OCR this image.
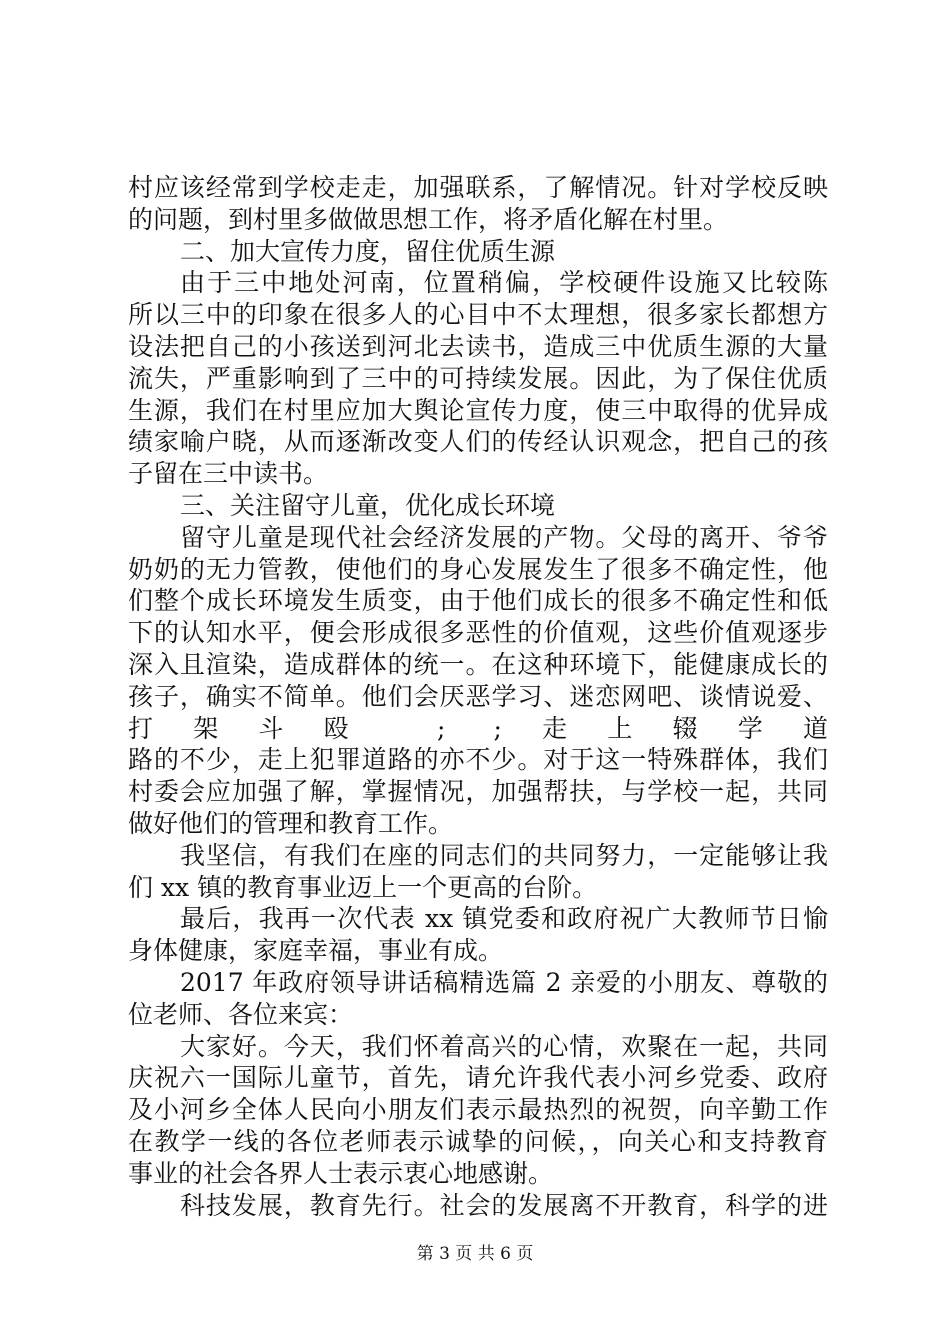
村应该经常到学校走走，加强联系，了解情况。针对学校反映
的问题，到村里多做做思想工作，将矛盾化解在村里。
二、加大宣传力度，留住优质生源
由于三中地处河南，位置稍偏，学校硬件设施又比较陈
所以三中的印象在很多人的心目中不太理想，很多家长都想方
设法把自己的小孩送到河北去读书，造成三中优质生源的大量
流失，严重影响到了三中的可持续发展。因此，为了保住优质
生源，我们在村里应加大舆论宣传力度，使三中取得的优异成
绩家喻户晓，从而逐渐改变人们的传经认识观念，把自己的孩
子留在三中读书。
三、关注留守儿童，优化成长环境
留守儿童是现代社会经济发展的产物。父母的离开、爷爷
奶奶的无力管教，使他们的身心发展发生了很多不确定性，他
们整个成长环境发生质变，由于他们成长的很多不确定性和低
下的认知水平，便会形成很多恶性的价值观，这些价值观逐步
深入且渲染，造成群体的统一。在这种环境下，能健康成长的
孩子，确实不简单。他们会厌恶学习、迷恋网吧、谈情说爱、
打架斗殴 ; ;走上辍学道
路的不少，走上犯罪道路的亦不少。对于这一特殊群体，我们
村委会应加强了解，掌握情况，加强帮扶，与学校一起，共同
做好他们的管理和教育工作。
我坚信，有我们在座的同志们的共同努力，一定能够让我
们 xx 镇的教育事业迈上一个更高的台阶。
最后，我再一次代表 xx 镇党委和政府祝广大教师节日愉
身体健康，家庭幸福，事业有成。
2017 年政府领导讲话稿精选篇 2 亲爱的小朋友、尊敬的
位老师、各位来宾：
大家好。今天，我们怀着高兴的心情，欢聚在一起，共同
庆祝六一国际儿童节，首先，请允许我代表小河乡党委、政府
及小河乡全体人民向小朋友们表示最热烈的祝贺，向辛勤工作
在教学一线的各位老师表示诚挚的问候，，向关心和支持教育
事业的社会各界人士表示衷心地感谢。
科技发展，教育先行。社会的发展离不开教育，科学的进
第 3 页 共 6 页
